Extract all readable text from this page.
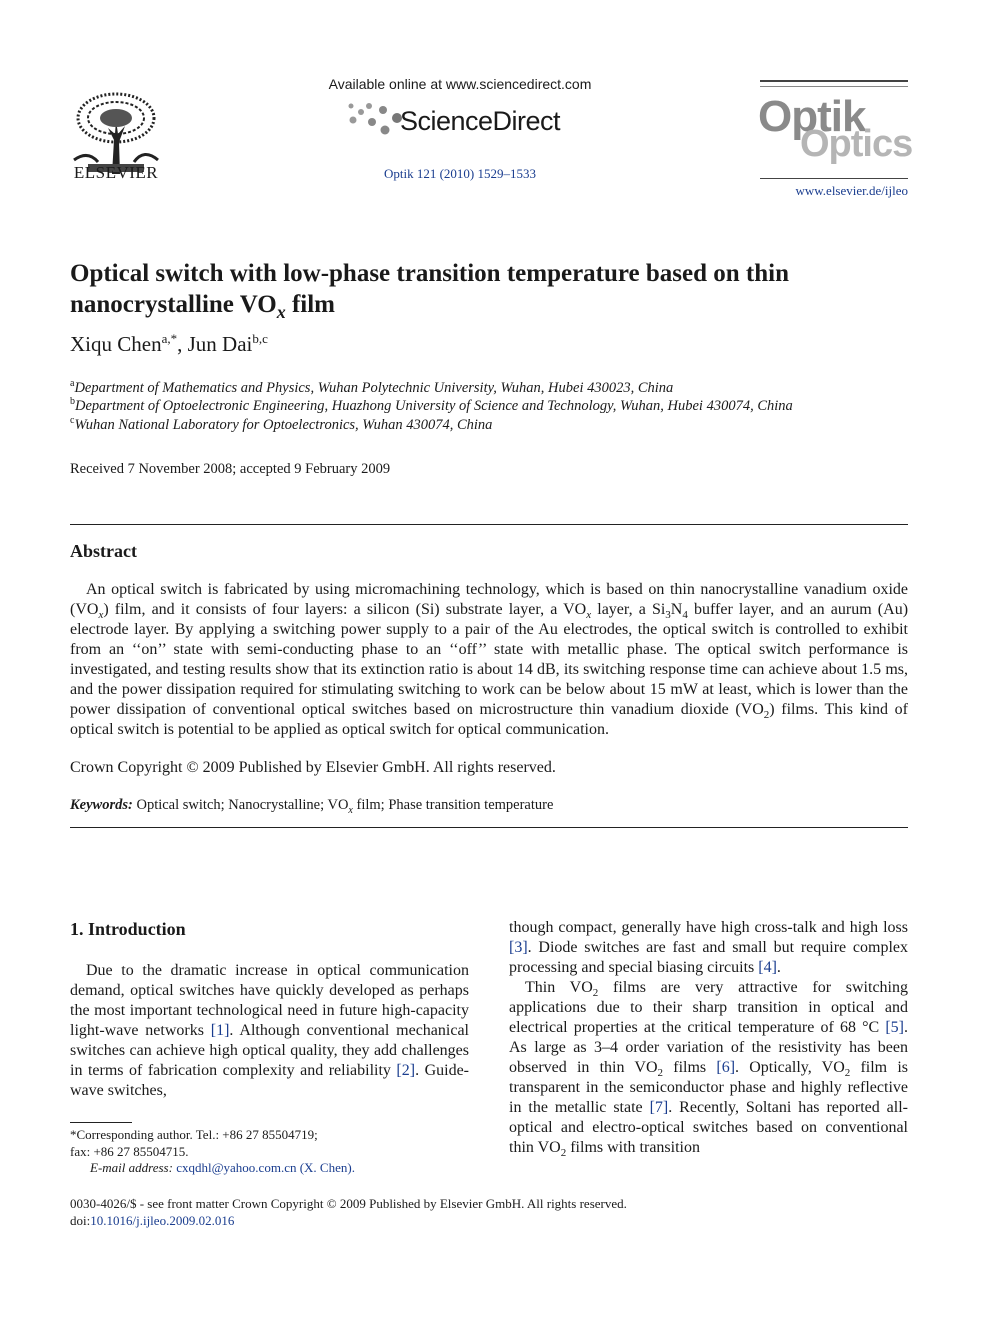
ELSEVIER
Available online at www.sciencedirect.com
ScienceDirect
Optik 121 (2010) 1529–1533
Optik
Optics
www.elsevier.de/ijleo
Optical switch with low-phase transition temperature based on thin nanocrystalline $VO_x$ film
Xiqu Chen$^{a,*}$, Jun Dai$^{b,c}$
$^a$Department of Mathematics and Physics, Wuhan Polytechnic University, Wuhan, Hubei 430023, China
$^b$Department of Optoelectronic Engineering, Huazhong University of Science and Technology, Wuhan, Hubei 430074, China
$^c$Wuhan National Laboratory for Optoelectronics, Wuhan 430074, China
Received 7 November 2008; accepted 9 February 2009
Abstract
An optical switch is fabricated by using micromachining technology, which is based on thin nanocrystalline vanadium oxide $(VO_x)$ film, and it consists of four layers: a silicon (Si) substrate layer, a $VO_x$ layer, a $Si_3N_4$ buffer layer, and an aurum (Au) electrode layer. By applying a switching power supply to a pair of the Au electrodes, the optical switch is controlled to exhibit from an ‘‘on’’ state with semi-conducting phase to an ‘‘off’’ state with metallic phase. The optical switch performance is investigated, and testing results show that its extinction ratio is about 14 dB, its switching response time can achieve about 1.5 ms, and the power dissipation required for stimulating switching to work can be below about 15 mW at least, which is lower than the power dissipation of conventional optical switches based on microstructure thin vanadium dioxide $(VO_2)$ films. This kind of optical switch is potential to be applied as optical switch for optical communication.
Crown Copyright © 2009 Published by Elsevier GmbH. All rights reserved.
Keywords: Optical switch; Nanocrystalline; $VO_x$ film; Phase transition temperature
1. Introduction
Due to the dramatic increase in optical communication demand, optical switches have quickly developed as perhaps the most important technological need in future high-capacity light-wave networks [1]. Although conventional mechanical switches can achieve high optical quality, they add challenges in terms of fabrication complexity and reliability [2]. Guide-wave switches,

though compact, generally have high cross-talk and high loss [3]. Diode switches are fast and small but require complex processing and special biasing circuits [4].

Thin $VO_2$ films are very attractive for switching applications due to their sharp transition in optical and electrical properties at the critical temperature of 68 °C [5]. As large as 3–4 order variation of the resistivity has been observed in thin $VO_2$ films [6]. Optically, $VO_2$ film is transparent in the semiconductor phase and highly reflective in the metallic state [7]. Recently, Soltani has reported all-optical and electro-optical switches based on conventional thin $VO_2$ films with transition

*Corresponding author. Tel.: +86 27 85504719;
fax: +86 27 85504715.
E-mail address: cxqdhl@yahoo.com.cn (X. Chen).
0030-4026/$ - see front matter Crown Copyright © 2009 Published by Elsevier GmbH. All rights reserved.
doi:10.1016/j.ijleo.2009.02.016
